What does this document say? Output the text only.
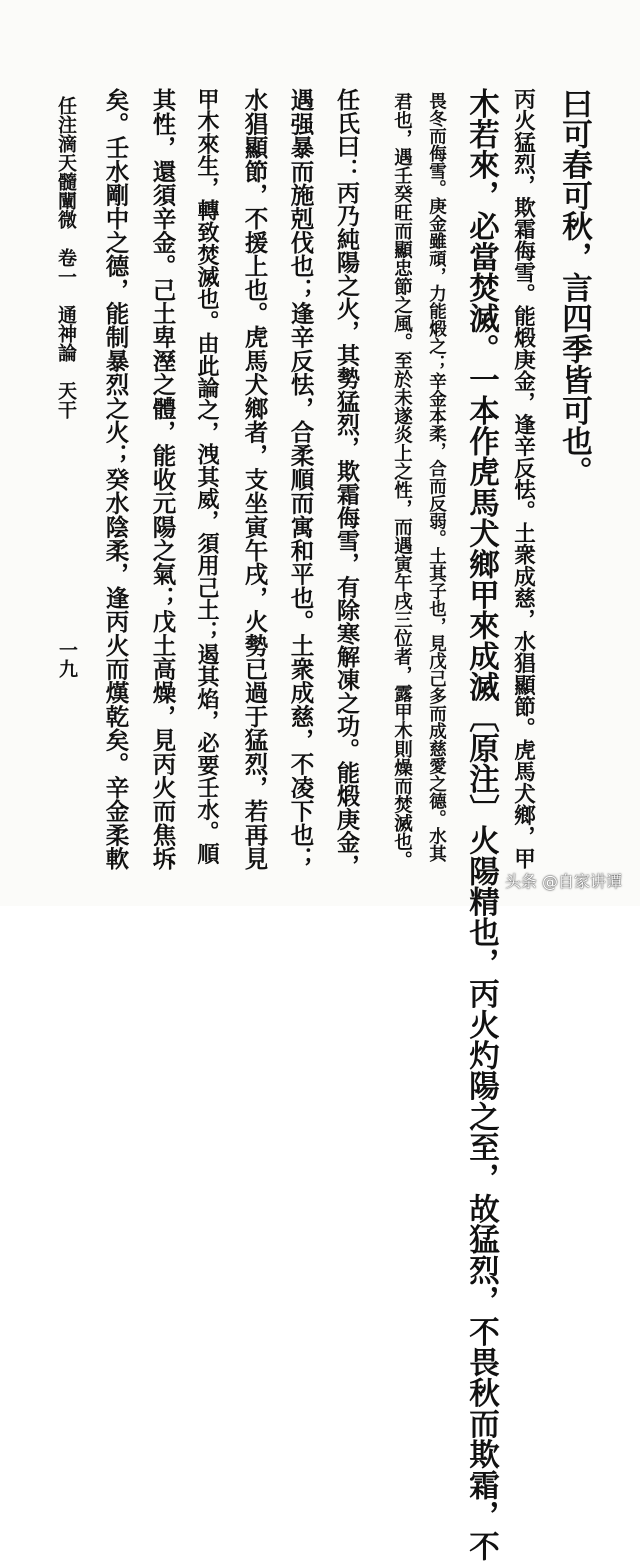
曰可春可秋，言四季皆可也。

丙火猛烈，欺霜侮雪。能煅庚金，逢辛反怯。土衆成慈，水猖顯節。虎馬犬鄉，甲

木若來，必當焚滅。一本作虎馬犬鄉甲來成滅〔原注〕火陽精也，丙火灼陽之至，故猛烈，不畏秋而欺霜，不

畏冬而侮雪。庚金雖頑，力能煅之；辛金本柔，合而反弱。土其子也，見戊己多而成慈愛之德。水其

君也，遇壬癸旺而顯忠節之風。至於未遂炎上之性，而遇寅午戌三位者，露甲木則燥而焚滅也。

任氏曰：丙乃純陽之火，其勢猛烈，欺霜侮雪，有除寒解凍之功。能煅庚金，

遇强暴而施剋伐也；逢辛反怯，合柔順而寓和平也。土衆成慈，不凌下也；

水猖顯節，不援上也。虎馬犬鄉者，支坐寅午戌，火勢已過于猛烈，若再見

甲木來生，轉致焚滅也。由此論之，洩其威，須用己土；遏其焰，必要壬水。順

其性，還須辛金。己土卑溼之體，能收元陽之氣；戊土高燥，見丙火而焦坼

矣。壬水剛中之德，能制暴烈之火；癸水陰柔，逢丙火而熯乾矣。辛金柔軟

任注滴天髓闡微　卷一　通神論　天干

一九

头条 @自家讲谭
